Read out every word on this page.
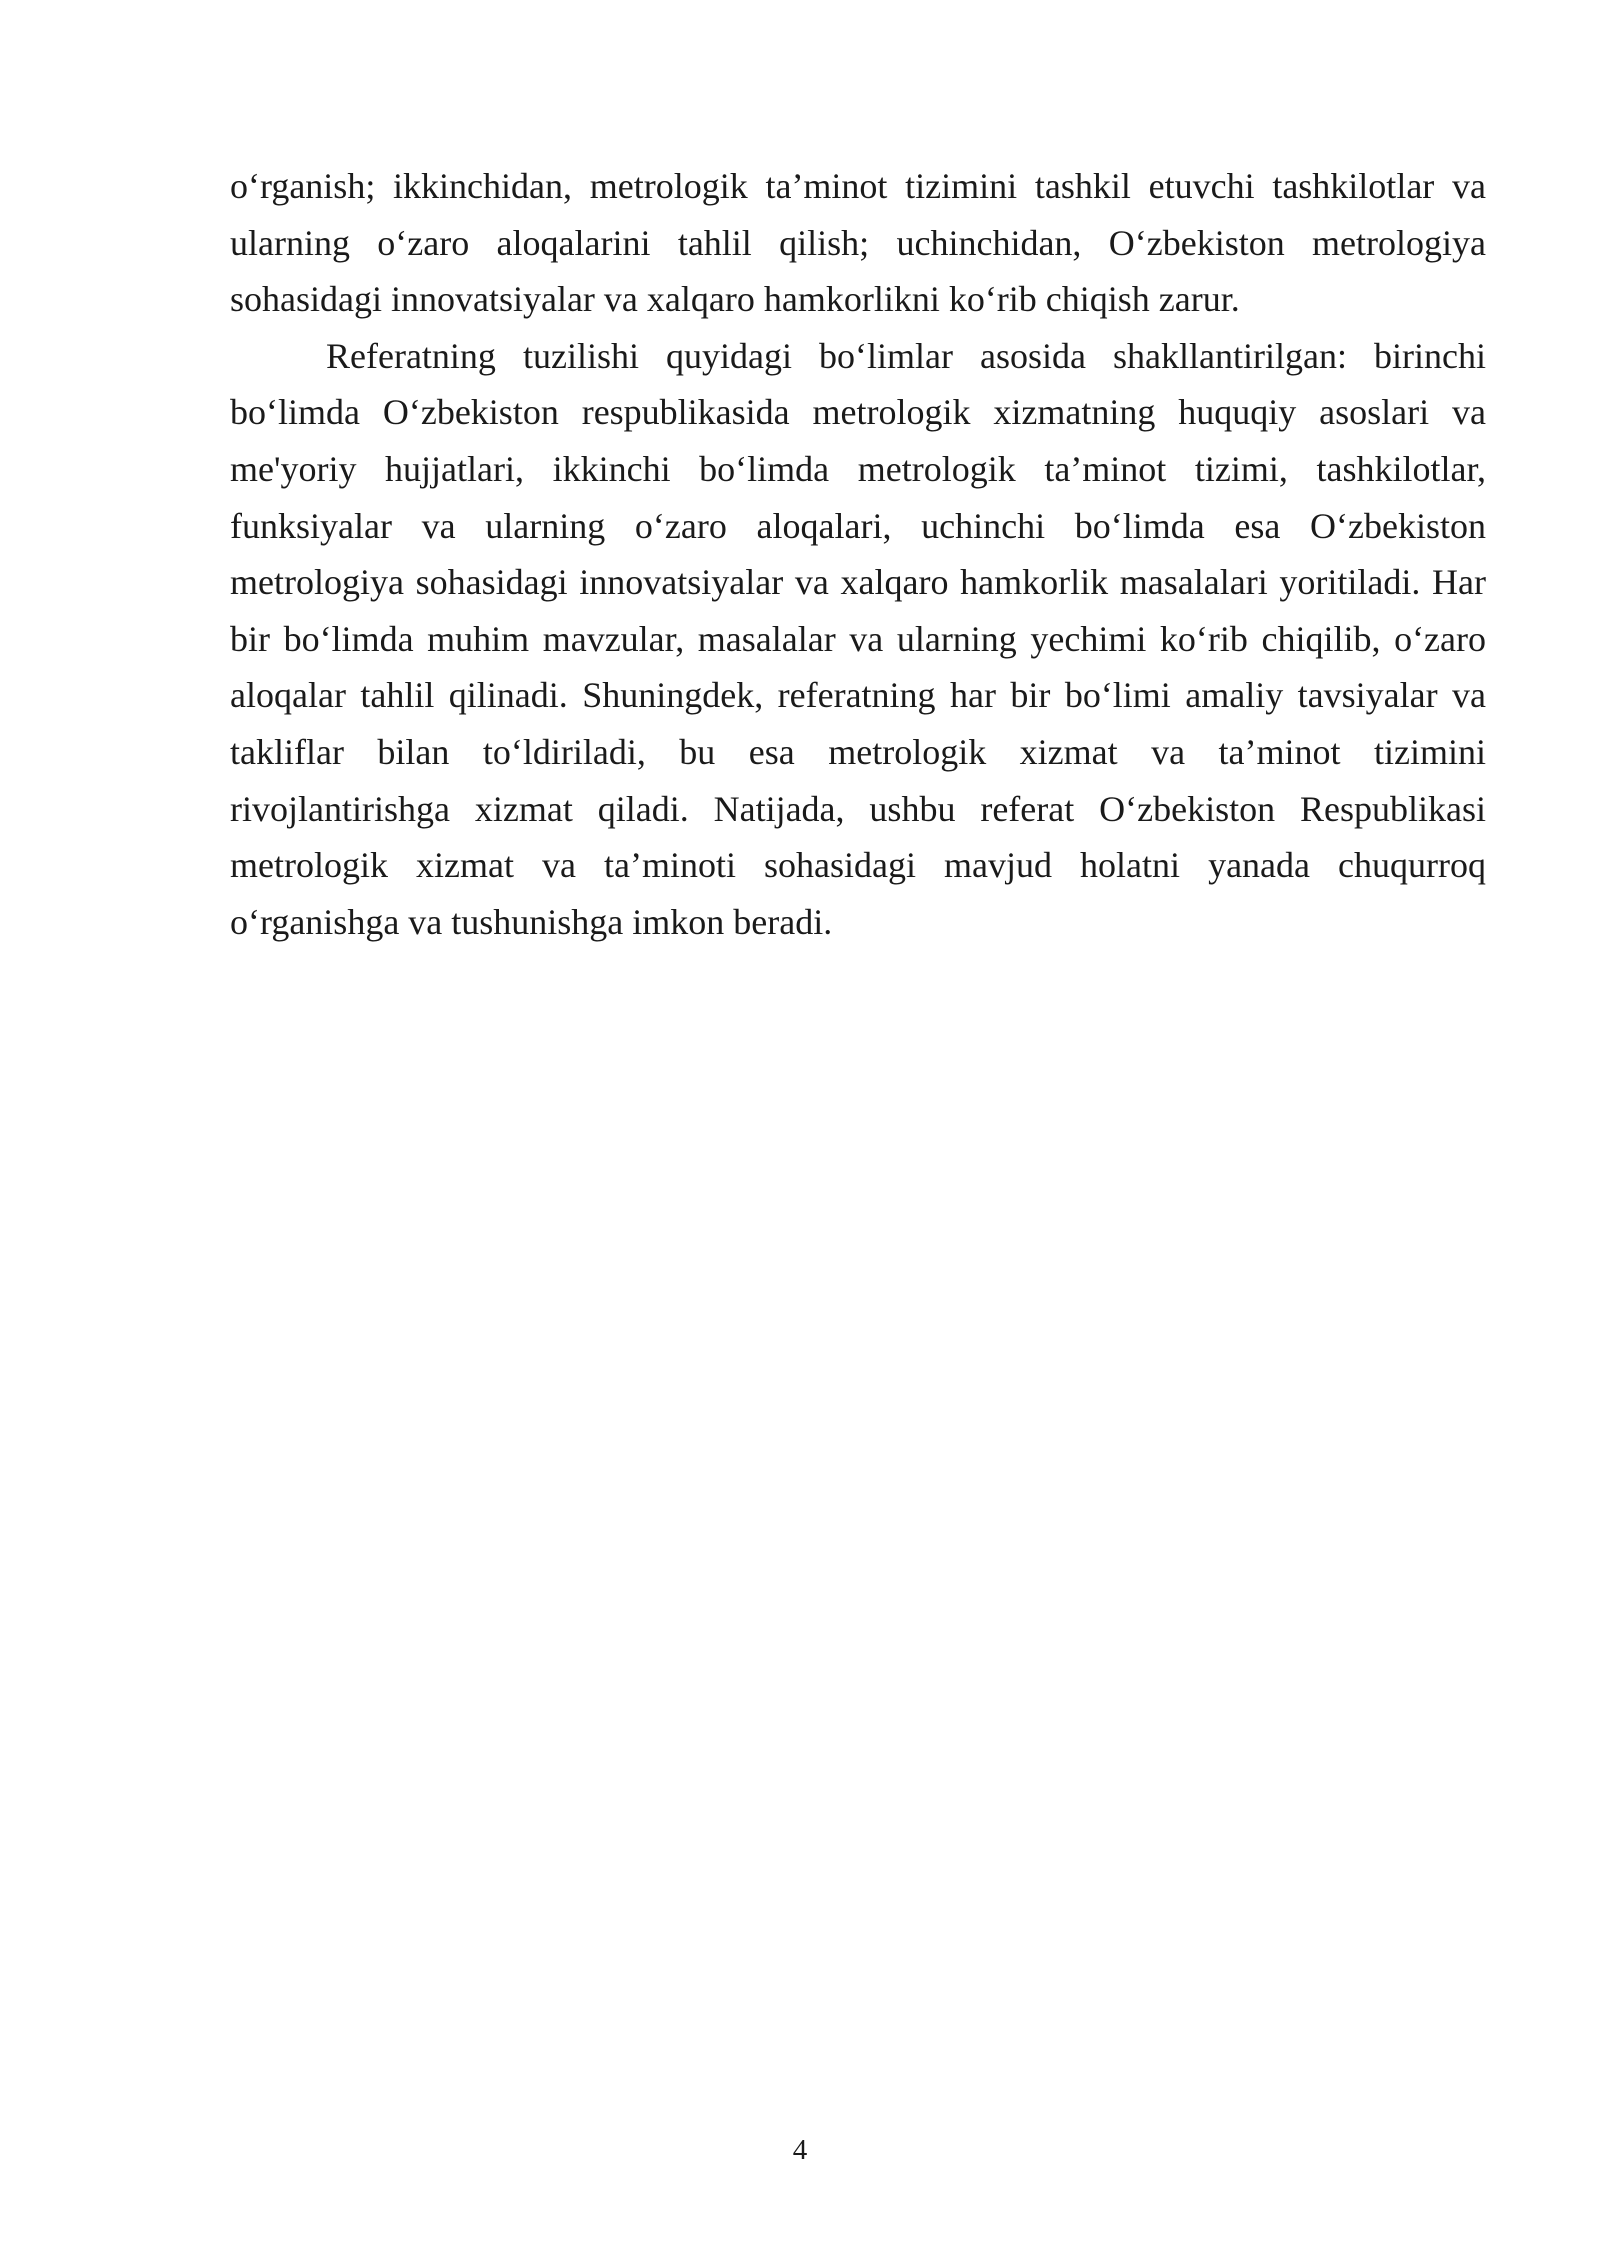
o‘rganish; ikkinchidan, metrologik ta’minot tizimini tashkil etuvchi tashkilotlar va ularning o‘zaro aloqalarini tahlil qilish; uchinchidan, O‘zbekiston metrologiya sohasidagi innovatsiyalar va xalqaro hamkorlikni ko‘rib chiqish zarur.

Referatning tuzilishi quyidagi bo‘limlar asosida shakllantirilgan: birinchi bo‘limda O‘zbekiston respublikasida metrologik xizmatning huquqiy asoslari va me'yoriy hujjatlari, ikkinchi bo‘limda metrologik ta’minot tizimi, tashkilotlar, funksiyalar va ularning o‘zaro aloqalari, uchinchi bo‘limda esa O‘zbekiston metrologiya sohasidagi innovatsiyalar va xalqaro hamkorlik masalalari yoritiladi. Har bir bo‘limda muhim mavzular, masalalar va ularning yechimi ko‘rib chiqilib, o‘zaro aloqalar tahlil qilinadi. Shuningdek, referatning har bir bo‘limi amaliy tavsiyalar va takliflar bilan to‘ldiriladi, bu esa metrologik xizmat va ta’minot tizimini rivojlantirishga xizmat qiladi. Natijada, ushbu referat O‘zbekiston Respublikasi metrologik xizmat va ta’minoti sohasidagi mavjud holatni yanada chuqurroq o‘rganishga va tushunishga imkon beradi.

4
